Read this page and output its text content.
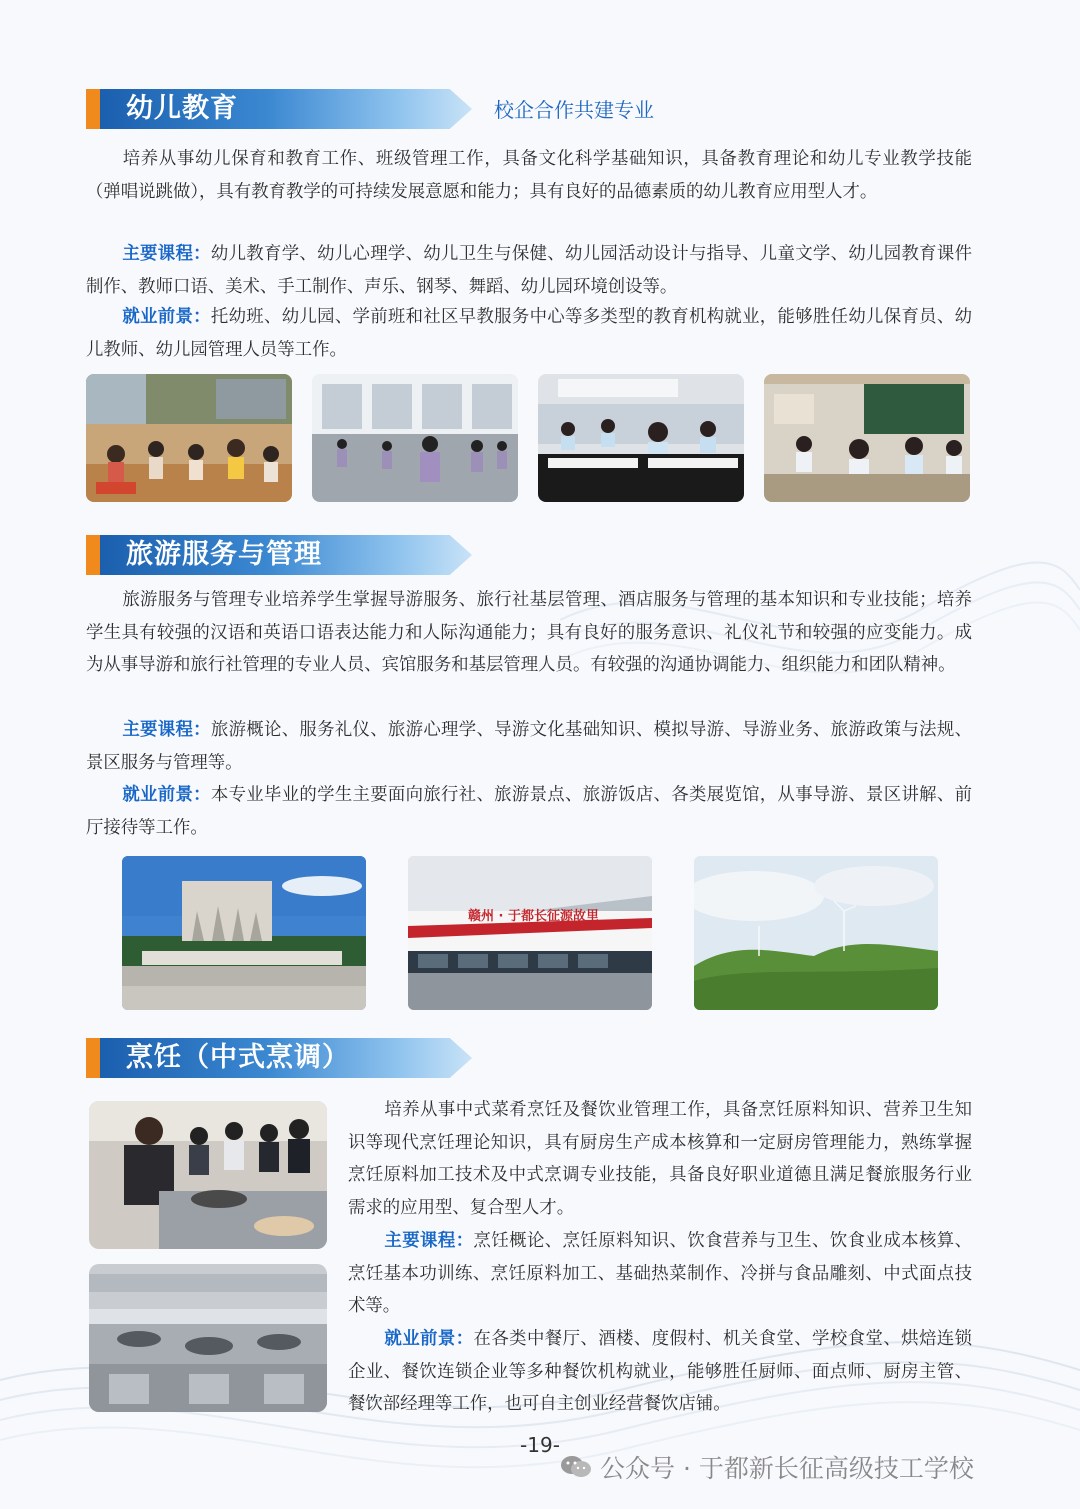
幼儿教育	校企合作共建专业
培养从事幼儿保育和教育工作、班级管理工作，具备文化科学基础知识，具备教育理论和幼儿专业教学技能（弹唱说跳做），具有教育教学的可持续发展意愿和能力；具有良好的品德素质的幼儿教育应用型人才。
主要课程：幼儿教育学、幼儿心理学、幼儿卫生与保健、幼儿园活动设计与指导、儿童文学、幼儿园教育课件制作、教师口语、美术、手工制作、声乐、钢琴、舞蹈、幼儿园环境创设等。
就业前景：托幼班、幼儿园、学前班和社区早教服务中心等多类型的教育机构就业，能够胜任幼儿保育员、幼儿教师、幼儿园管理人员等工作。
旅游服务与管理
旅游服务与管理专业培养学生掌握导游服务、旅行社基层管理、酒店服务与管理的基本知识和专业技能；培养学生具有较强的汉语和英语口语表达能力和人际沟通能力；具有良好的服务意识、礼仪礼节和较强的应变能力。成为从事导游和旅行社管理的专业人员、宾馆服务和基层管理人员。有较强的沟通协调能力、组织能力和团队精神。
主要课程：旅游概论、服务礼仪、旅游心理学、导游文化基础知识、模拟导游、导游业务、旅游政策与法规、景区服务与管理等。
就业前景：本专业毕业的学生主要面向旅行社、旅游景点、旅游饭店、各类展览馆，从事导游、景区讲解、前厅接待等工作。
赣州 · 于都长征源故里
烹饪（中式烹调）
培养从事中式菜肴烹饪及餐饮业管理工作，具备烹饪原料知识、营养卫生知识等现代烹饪理论知识，具有厨房生产成本核算和一定厨房管理能力，熟练掌握烹饪原料加工技术及中式烹调专业技能，具备良好职业道德且满足餐旅服务行业需求的应用型、复合型人才。
主要课程：烹饪概论、烹饪原料知识、饮食营养与卫生、饮食业成本核算、烹饪基本功训练、烹饪原料加工、基础热菜制作、冷拼与食品雕刻、中式面点技术等。
就业前景：在各类中餐厅、酒楼、度假村、机关食堂、学校食堂、烘焙连锁企业、餐饮连锁企业等多种餐饮机构就业，能够胜任厨师、面点师、厨房主管、餐饮部经理等工作，也可自主创业经营餐饮店铺。
-19-
公众号 · 于都新长征高级技工学校
